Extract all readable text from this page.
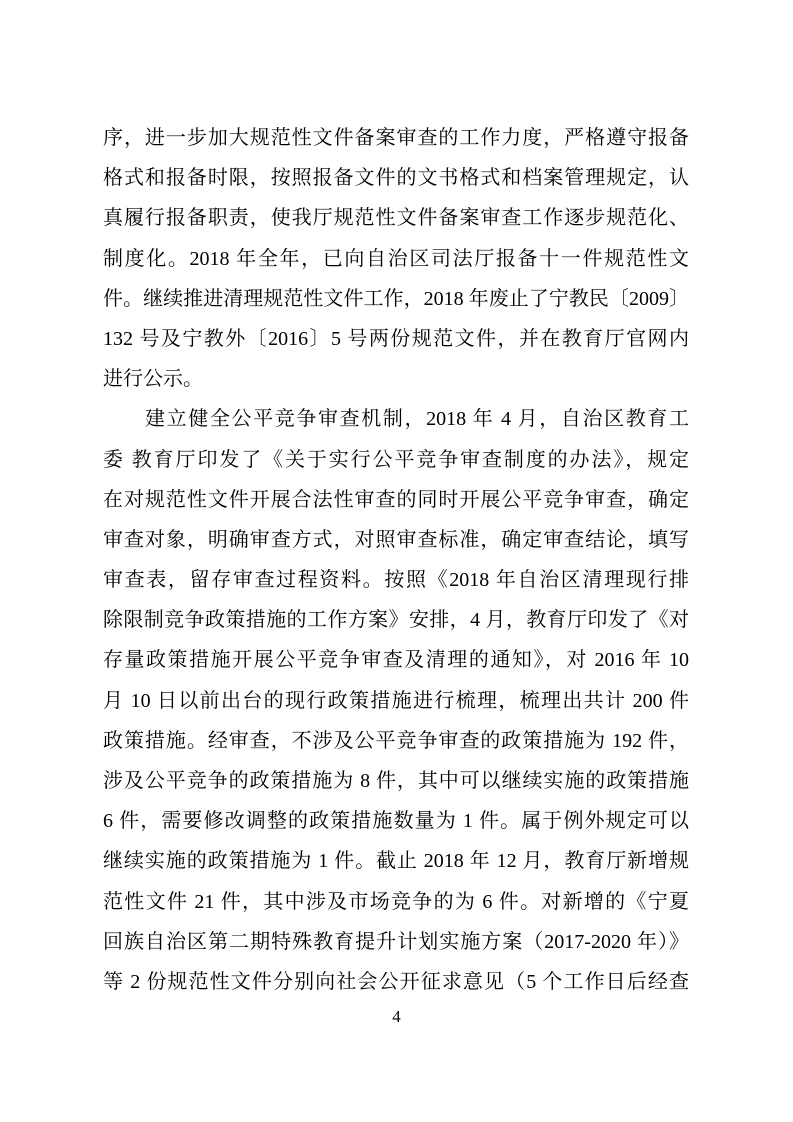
序，进一步加大规范性文件备案审查的工作力度，严格遵守报备
格式和报备时限，按照报备文件的文书格式和档案管理规定，认
真履行报备职责，使我厅规范性文件备案审查工作逐步规范化、
制度化。2018 年全年，已向自治区司法厅报备十一件规范性文
件。继续推进清理规范性文件工作，2018 年废止了宁教民〔2009〕
132 号及宁教外〔2016〕5 号两份规范文件，并在教育厅官网内
进行公示。
建立健全公平竞争审查机制，2018 年 4 月，自治区教育工
委 教育厅印发了《关于实行公平竞争审查制度的办法》，规定
在对规范性文件开展合法性审查的同时开展公平竞争审查，确定
审查对象，明确审查方式，对照审查标准，确定审查结论，填写
审查表，留存审查过程资料。按照《2018 年自治区清理现行排
除限制竞争政策措施的工作方案》安排，4 月，教育厅印发了《对
存量政策措施开展公平竞争审查及清理的通知》，对 2016 年 10
月 10 日以前出台的现行政策措施进行梳理，梳理出共计 200 件
政策措施。经审查，不涉及公平竞争审查的政策措施为 192 件，
涉及公平竞争的政策措施为 8 件，其中可以继续实施的政策措施
6 件，需要修改调整的政策措施数量为 1 件。属于例外规定可以
继续实施的政策措施为 1 件。截止 2018 年 12 月，教育厅新增规
范性文件 21 件，其中涉及市场竞争的为 6 件。对新增的《宁夏
回族自治区第二期特殊教育提升计划实施方案（2017-2020 年）》
等 2 份规范性文件分别向社会公开征求意见（5 个工作日后经查
4
